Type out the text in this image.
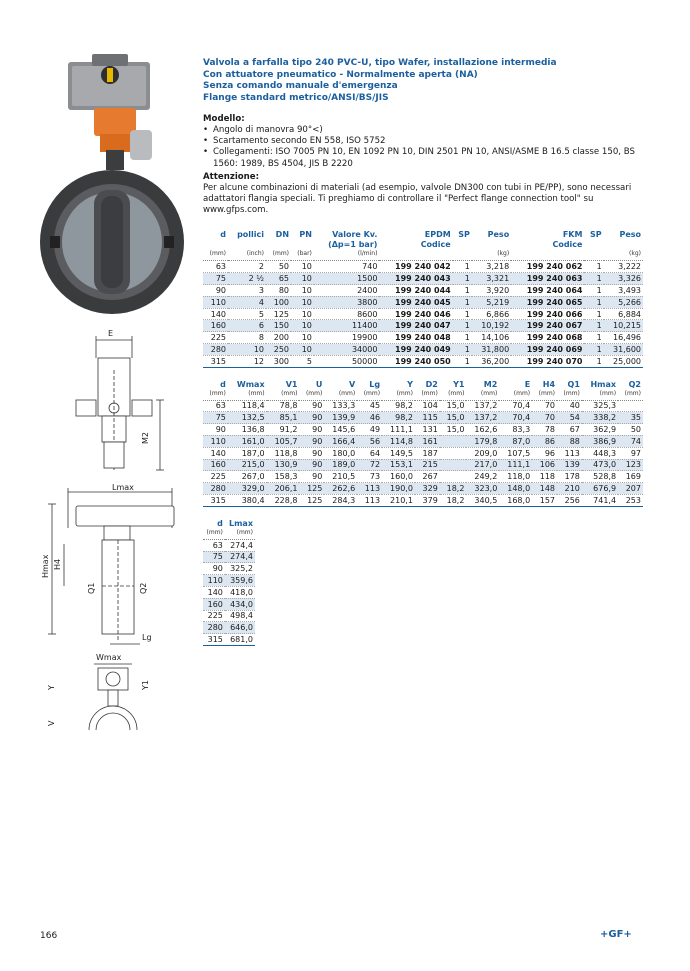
E
M2
Lmax
Hmax H4
Q1	Q2
Lg
Wmax
Y	Y1
V
Valvola a farfalla tipo 240 PVC-U, tipo Wafer, installazione intermedia
Con attuatore pneumatico - Normalmente aperta (NA)
Senza comando manuale d'emergenza
Flange standard metrico/ANSI/BS/JIS
Modello:
• Angolo di manovra 90°<)
• Scartamento secondo EN 558, ISO 5752
• Collegamenti: ISO 7005 PN 10, EN 1092 PN 10, DIN 2501 PN 10, ANSI/ASME B 16.5 classe 150, BS 1560: 1989, BS 4504, JIS B 2220
Attenzione:
Per alcune combinazioni di materiali (ad esempio, valvole DN300 con tubi in PE/PP), sono necessari adattatori flangia speciali. Ti preghiamo di controllare il "Perfect flange connection tool" su www.gfps.com.
d	pollici	DN	PN	Valore Kv.	EPDM	SP	Peso	FKM	SP	Peso
				(Δp=1 bar)	Codice			Codice		
(mm)	(inch)	(mm)	(bar)	(l/min)			(kg)			(kg)
63	2	50	10	740	199 240 042	1	3,218	199 240 062	1	3,222
75	2 ½	65	10	1500	199 240 043	1	3,321	199 240 063	1	3,326
90	3	80	10	2400	199 240 044	1	3,920	199 240 064	1	3,493
110	4	100	10	3800	199 240 045	1	5,219	199 240 065	1	5,266
140	5	125	10	8600	199 240 046	1	6,866	199 240 066	1	6,884
160	6	150	10	11400	199 240 047	1	10,192	199 240 067	1	10,215
225	8	200	10	19900	199 240 048	1	14,106	199 240 068	1	16,496
280	10	250	10	34000	199 240 049	1	31,800	199 240 069	1	31,600
315	12	300	5	50000	199 240 050	1	36,200	199 240 070	1	25,000
d	Wmax	V1	U	V	Lg	Y	D2	Y1	M2	E	H4	Q1	Hmax	Q2
(mm)	(mm)	(mm)	(mm)	(mm)	(mm)	(mm)	(mm)	(mm)	(mm)	(mm)	(mm)	(mm)	(mm)	(mm)
63	118,4	78,8	90	133,3	45	98,2	104	15,0	137,2	70,4	70	40	325,3	
75	132,5	85,1	90	139,9	46	98,2	115	15,0	137,2	70,4	70	54	338,2	35
90	136,8	91,2	90	145,6	49	111,1	131	15,0	162,6	83,3	78	67	362,9	50
110	161,0	105,7	90	166,4	56	114,8	161		179,8	87,0	86	88	386,9	74
140	187,0	118,8	90	180,0	64	149,5	187		209,0	107,5	96	113	448,3	97
160	215,0	130,9	90	189,0	72	153,1	215		217,0	111,1	106	139	473,0	123
225	267,0	158,3	90	210,5	73	160,0	267		249,2	118,0	118	178	528,8	169
280	329,0	206,1	125	262,6	113	190,0	329	18,2	323,0	148,0	148	210	676,9	207
315	380,4	228,8	125	284,3	113	210,1	379	18,2	340,5	168,0	157	256	741,4	253
d	Lmax
(mm)	(mm)
63	274,4
75	274,4
90	325,2
110	359,6
140	418,0
160	434,0
225	498,4
280	646,0
315	681,0
166	+GF+
